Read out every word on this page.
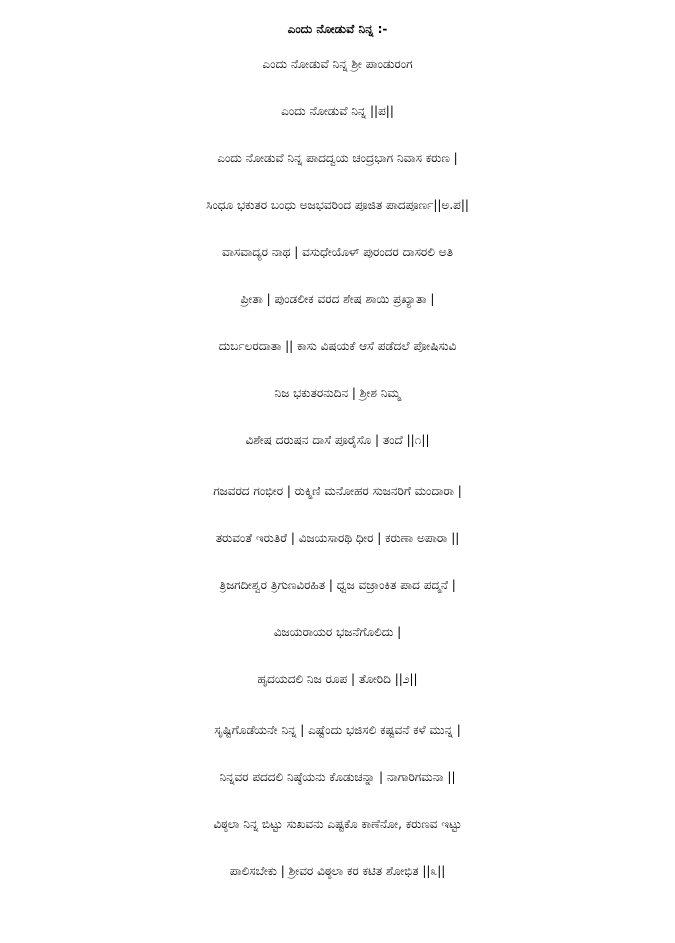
ಎಂದು ನೋಡುವೆ ನಿನ್ನ :-
ಎಂದು ನೋಡುವೆ ನಿನ್ನ ಶ್ರೀ ಪಾಂಡುರಂಗ
ಎಂದು ನೋಡುವೆ ನಿನ್ನ ||ಪ||
ಎಂದು ನೋಡುವೆ ನಿನ್ನ ಪಾದದ್ವಯ ಚಂದ್ರಭಾಗ ನಿವಾಸ ಕರುಣ |
ಸಿಂಧೂ ಭಕುತರ ಬಂಧು ಅಜಭವರಿಂದ ಪೂಜಿತ ಪಾದಪೂರ್ಣ||ಅ.ಪ||
ವಾಸವಾದ್ಯರ ನಾಥ | ವಸುಧೇಯೊಳ್ ಪುರಂದರ ದಾಸರಲಿ ಅತಿ
ಪ್ರೀತಾ | ಪುಂಡಲೀಕ ವರದ ಶೇಷ ಶಾಯಿ ಪ್ರಖ್ಯಾತಾ |
ದುರ್ಬಲರದಾತಾ || ಕಾಸು ವಿಷಯಕೆ ಆಸೆ ಪಡೆದಲೆ ಪೋಷಿಸುವಿ
ನಿಜ ಭಕುತರನುದಿನ | ಶ್ರೀಶ ನಿಮ್ಮ
ವಿಶೇಷ ದರುಷನ ದಾಸೆ ಪೂರೈಸೊ | ತಂದೆ ||೧||
ಗಜವರದ ಗಂಭೀರ | ರುಕ್ಮಿಣಿ ಮನೋಹರ ಸುಜನರಿಗೆ ಮಂದಾರಾ |
ತರುವಂತೆ ಇರುತಿರೆ | ವಿಜಯಸಾರಥಿ ಧೀರ | ಕರುಣಾ ಅಪಾರಾ ||
ತ್ರಿಜಗದೀಶ್ವರ ತ್ರಿಗುಣವಿರಹಿತ | ಧ್ವಜ ವಜ್ರಾಂಕಿತ ಪಾದ ಪದ್ಮನೆ |
ವಿಜಯರಾಯರ ಭಜನೆಗೊಲಿದು |
ಹೃದಯದಲಿ ನಿಜ ರೂಪ | ತೋರಿದಿ ||೨||
ಸೃಷ್ಟಿಗೊಡೆಯನೇ ನಿನ್ನ | ಎಷ್ಟೆಂದು ಭಜಿಸಲಿ ಕಷ್ಟವನೆ ಕಳೆ ಮುನ್ನ |
ನಿನ್ನವರ ಪದದಲಿ ನಿಷ್ಠೆಯನು ಕೊಡುಚನ್ನಾ | ನಾಗಾರಿಗಮನಾ ||
ವಿಠ್ಠಲಾ ನಿನ್ನ ಬಿಟ್ಟು ಸುಖವನು ಎಷ್ಟಕೊ ಕಾಣೆನೋ, ಕರುಣವ ಇಟ್ಟು
ಪಾಲಿಸಬೇಕು | ಶ್ರೀವರ ವಿಠ್ಠಲಾ ಕರ ಕಟಿತ ಶೋಭಿತ ||೩||
